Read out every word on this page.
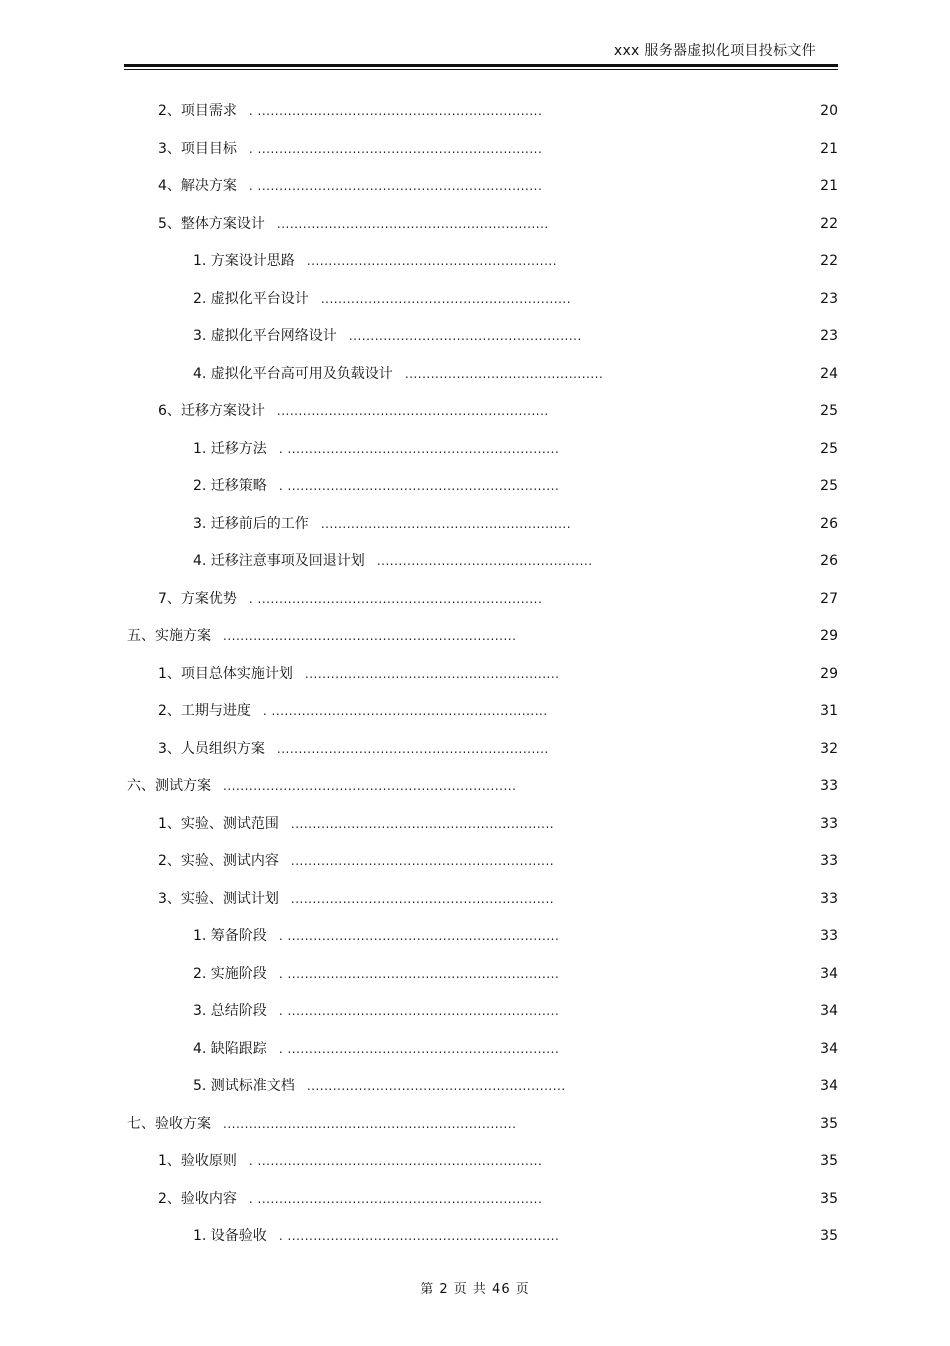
xxx 服务器虚拟化项目投标文件
2、项目需求 . ..................................................................	20
3、项目目标 . ..................................................................	21
4、解决方案 . ..................................................................	21
5、整体方案设计 ...............................................................	22
1. 方案设计思路 ..........................................................	22
2. 虚拟化平台设计 ..........................................................	23
3. 虚拟化平台网络设计 ......................................................	23
4. 虚拟化平台高可用及负载设计 ..............................................	24
6、迁移方案设计 ...............................................................	25
1. 迁移方法 . ...............................................................	25
2. 迁移策略 . ...............................................................	25
3. 迁移前后的工作 ..........................................................	26
4. 迁移注意事项及回退计划 ..................................................	26
7、方案优势 . ..................................................................	27
五、实施方案 ....................................................................	29
1、项目总体实施计划 ...........................................................	29
2、工期与进度 . ................................................................	31
3、人员组织方案 ...............................................................	32
六、测试方案 ....................................................................	33
1、实验、测试范围 .............................................................	33
2、实验、测试内容 .............................................................	33
3、实验、测试计划 .............................................................	33
1. 筹备阶段 . ...............................................................	33
2. 实施阶段 . ...............................................................	34
3. 总结阶段 . ...............................................................	34
4. 缺陷跟踪 . ...............................................................	34
5. 测试标准文档 ............................................................	34
七、验收方案 ....................................................................	35
1、验收原则 . ..................................................................	35
2、验收内容 . ..................................................................	35
1. 设备验收 . ...............................................................	35
第 2 页 共 46 页
